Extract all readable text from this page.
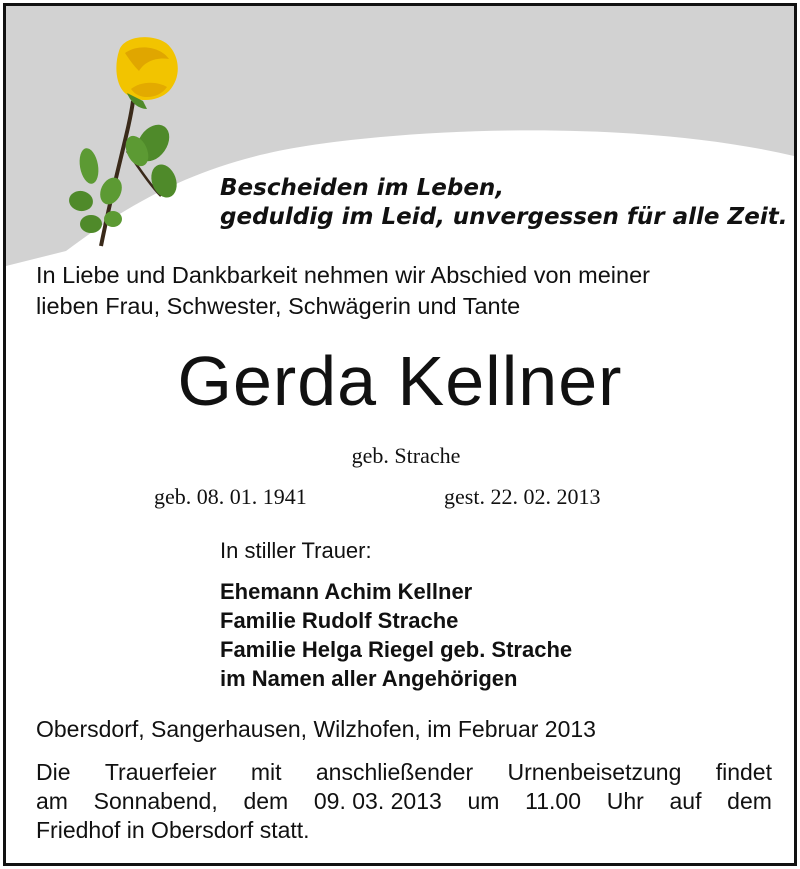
Bescheiden im Leben,
geduldig im Leid, unvergessen für alle Zeit.
In Liebe und Dankbarkeit nehmen wir Abschied von meiner
lieben Frau, Schwester, Schwägerin und Tante
Gerda Kellner
geb. Strache
geb. 08. 01. 1941	gest. 22. 02. 2013
In stiller Trauer:
Ehemann Achim Kellner
Familie Rudolf Strache
Familie Helga Riegel geb. Strache
im Namen aller Angehörigen
Obersdorf, Sangerhausen, Wilzhofen, im Februar 2013
Die Trauerfeier mit anschließender Urnenbeisetzung findet
am Sonnabend, dem 09. 03. 2013 um 11.00 Uhr auf dem
Friedhof in Obersdorf statt.
